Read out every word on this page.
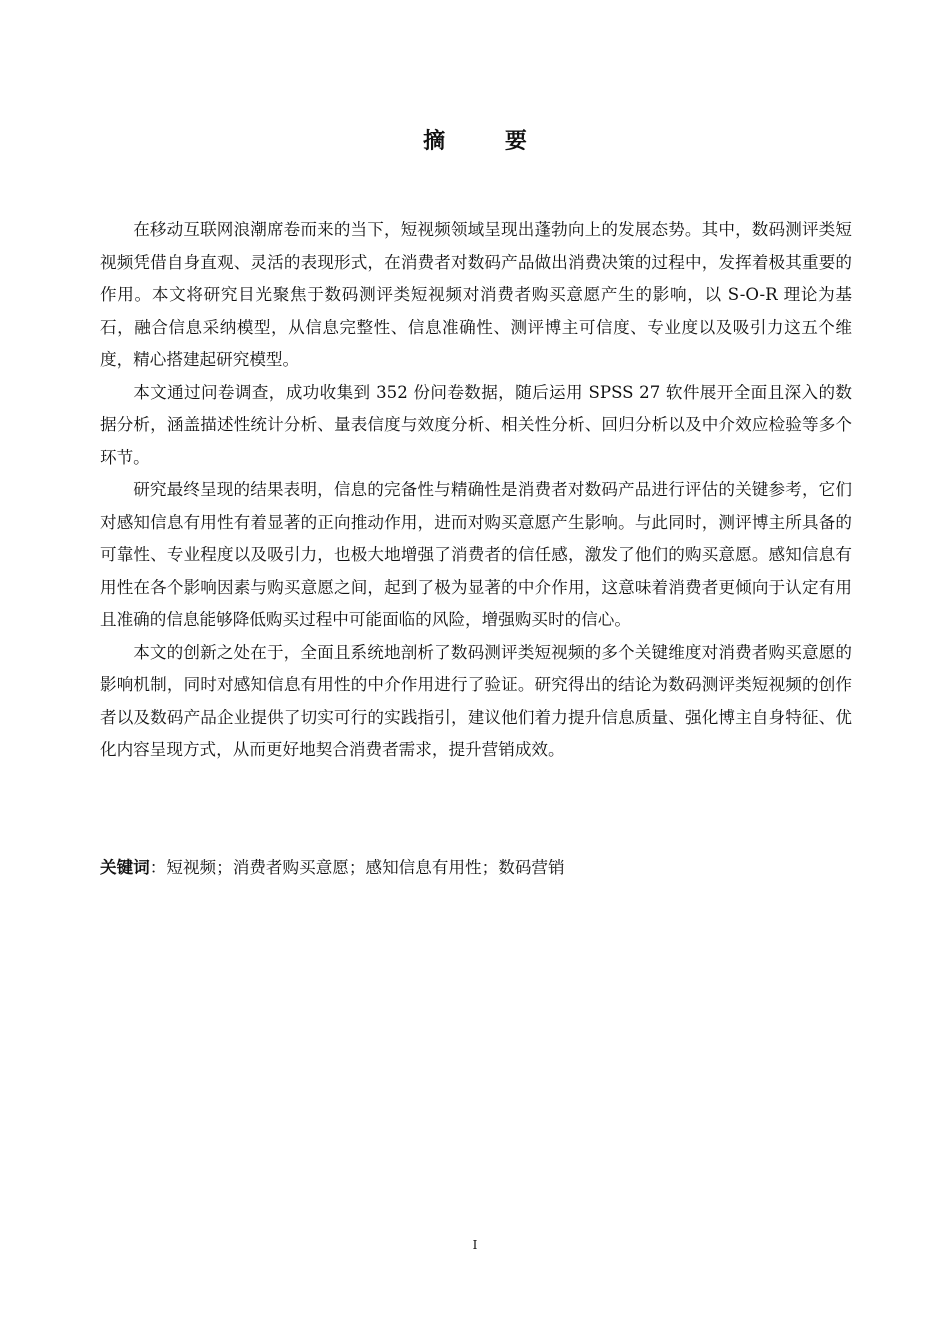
摘 要

在移动互联网浪潮席卷而来的当下，短视频领域呈现出蓬勃向上的发展态势。其中，数码测评类短视频凭借自身直观、灵活的表现形式，在消费者对数码产品做出消费决策的过程中，发挥着极其重要的作用。本文将研究目光聚焦于数码测评类短视频对消费者购买意愿产生的影响，以 S-O-R 理论为基石，融合信息采纳模型，从信息完整性、信息准确性、测评博主可信度、专业度以及吸引力这五个维度，精心搭建起研究模型。

本文通过问卷调查，成功收集到 352 份问卷数据，随后运用 SPSS 27 软件展开全面且深入的数据分析，涵盖描述性统计分析、量表信度与效度分析、相关性分析、回归分析以及中介效应检验等多个环节。

研究最终呈现的结果表明，信息的完备性与精确性是消费者对数码产品进行评估的关键参考，它们对感知信息有用性有着显著的正向推动作用，进而对购买意愿产生影响。与此同时，测评博主所具备的可靠性、专业程度以及吸引力，也极大地增强了消费者的信任感，激发了他们的购买意愿。感知信息有用性在各个影响因素与购买意愿之间，起到了极为显著的中介作用，这意味着消费者更倾向于认定有用且准确的信息能够降低购买过程中可能面临的风险，增强购买时的信心。

本文的创新之处在于，全面且系统地剖析了数码测评类短视频的多个关键维度对消费者购买意愿的影响机制，同时对感知信息有用性的中介作用进行了验证。研究得出的结论为数码测评类短视频的创作者以及数码产品企业提供了切实可行的实践指引，建议他们着力提升信息质量、强化博主自身特征、优化内容呈现方式，从而更好地契合消费者需求，提升营销成效。

关键词：短视频；消费者购买意愿；感知信息有用性；数码营销
I
